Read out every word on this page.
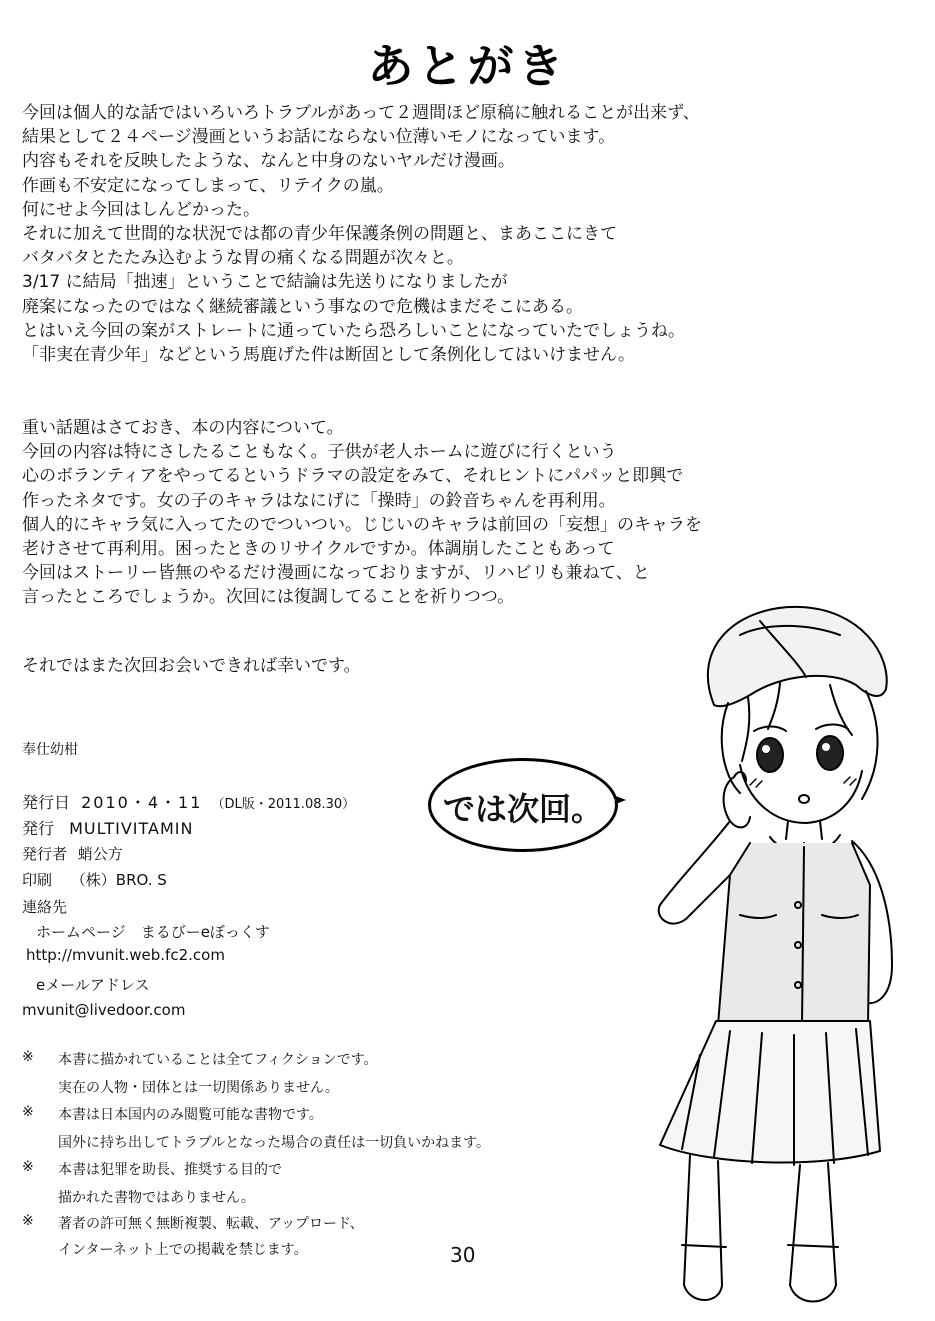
あとがき
今回は個人的な話ではいろいろトラブルがあって２週間ほど原稿に触れることが出来ず、
結果として２４ページ漫画というお話にならない位薄いモノになっています。
内容もそれを反映したような、なんと中身のないヤルだけ漫画。
作画も不安定になってしまって、リテイクの嵐。
何にせよ今回はしんどかった。
それに加えて世間的な状況では都の青少年保護条例の問題と、まあここにきて
バタバタとたたみ込むような胃の痛くなる問題が次々と。
3/17 に結局「拙速」ということで結論は先送りになりましたが
廃案になったのではなく継続審議という事なので危機はまだそこにある。
とはいえ今回の案がストレートに通っていたら恐ろしいことになっていたでしょうね。
「非実在青少年」などという馬鹿げた件は断固として条例化してはいけません。
重い話題はさておき、本の内容について。
今回の内容は特にさしたることもなく。子供が老人ホームに遊びに行くという
心のボランティアをやってるというドラマの設定をみて、それヒントにパパッと即興で
作ったネタです。女の子のキャラはなにげに「操時」の鈴音ちゃんを再利用。
個人的にキャラ気に入ってたのでついつい。じじいのキャラは前回の「妄想」のキャラを
老けさせて再利用。困ったときのリサイクルですか。体調崩したこともあって
今回はストーリー皆無のやるだけ漫画になっておりますが、リハビリも兼ねて、と
言ったところでしょうか。次回には復調してることを祈りつつ。
それではまた次回お会いできれば幸いです。
奉仕幼柑
発行日 2010・4・11 （DL版・2011.08.30）
発行 MULTIVITAMIN
発行者 蛸公方
印刷 （株）BRO. S
連絡先
ホームページ　まるびーeぼっくす
http://mvunit.web.fc2.com
eメールアドレス
mvunit@livedoor.com
※ 本書に描かれていることは全てフィクションです。
実在の人物・団体とは一切関係ありません。
※ 本書は日本国内のみ閲覧可能な書物です。
国外に持ち出してトラブルとなった場合の責任は一切負いかねます。
※ 本書は犯罪を助長、推奨する目的で
描かれた書物ではありません。
※ 著者の許可無く無断複製、転載、アップロード、
インターネット上での掲載を禁じます。	30
では次回。
